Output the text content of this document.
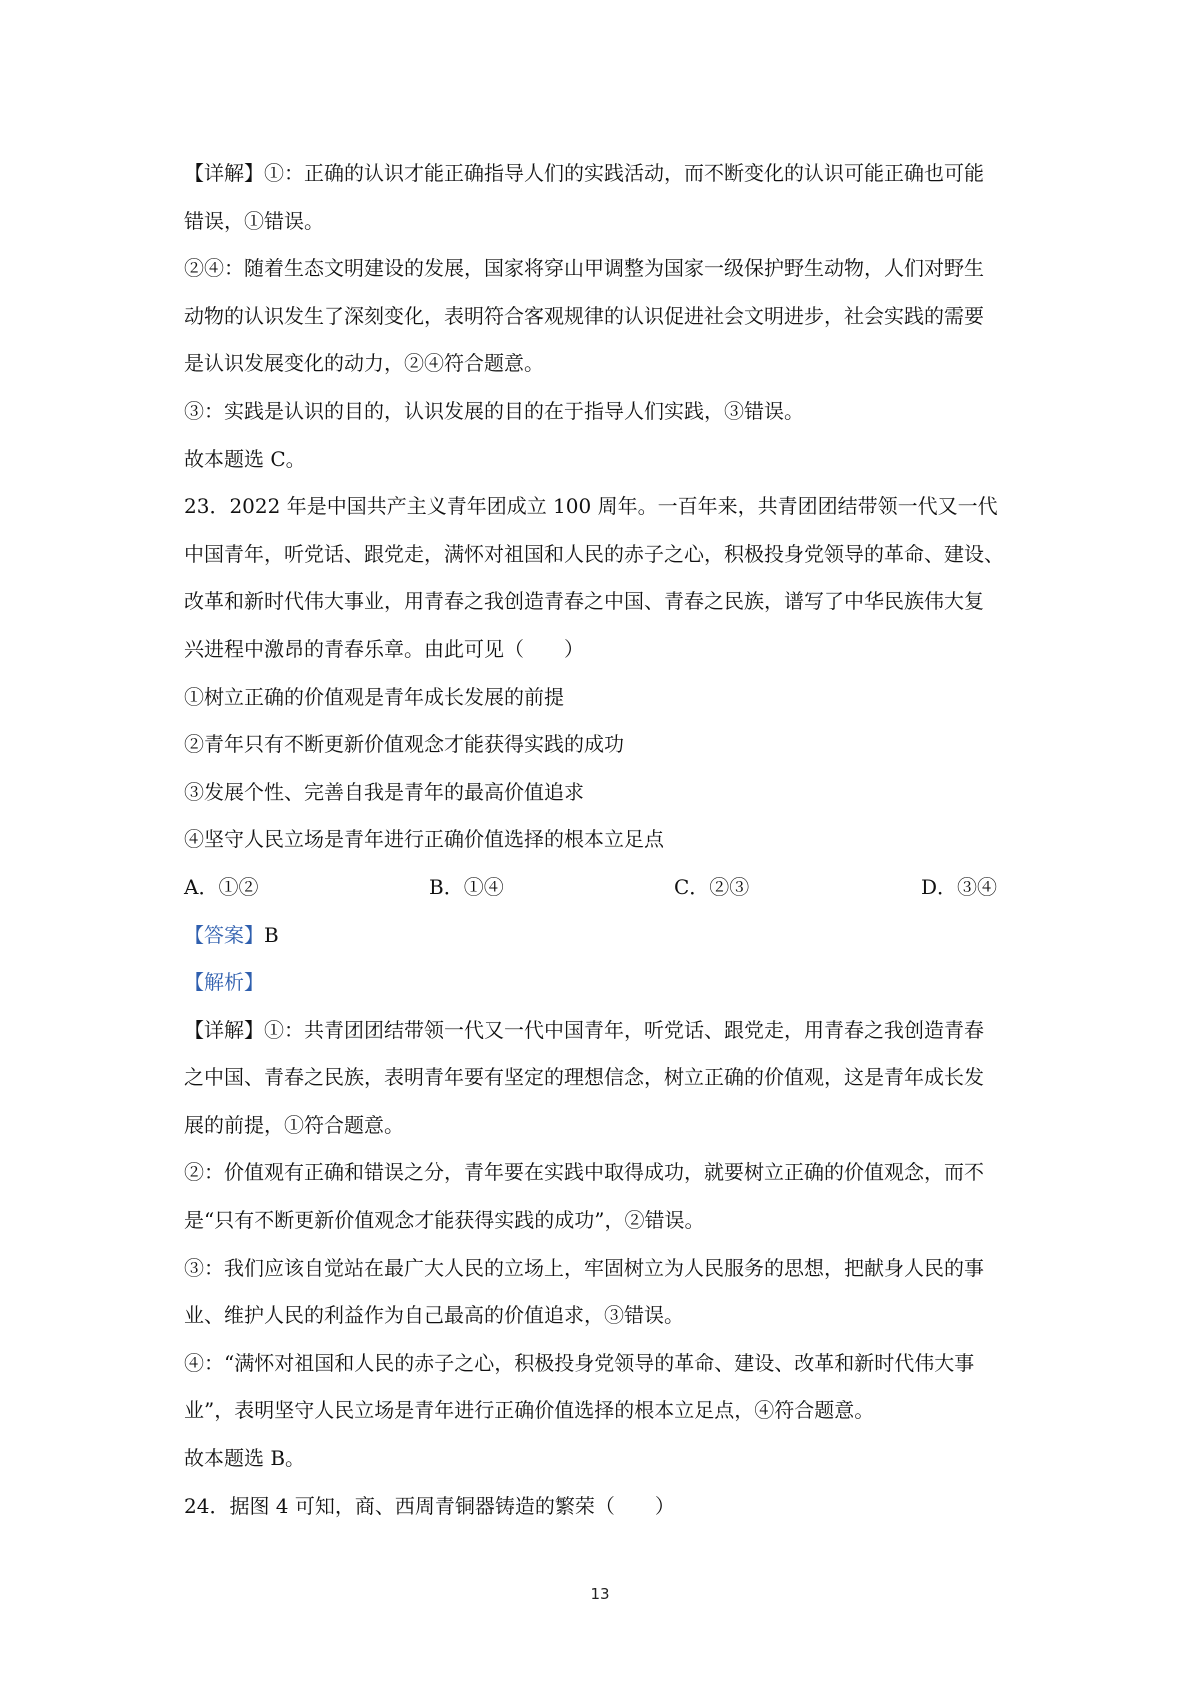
【详解】①：正确的认识才能正确指导人们的实践活动，而不断变化的认识可能正确也可能
错误，①错误。
②④：随着生态文明建设的发展，国家将穿山甲调整为国家一级保护野生动物，人们对野生
动物的认识发生了深刻变化，表明符合客观规律的认识促进社会文明进步，社会实践的需要
是认识发展变化的动力，②④符合题意。
③：实践是认识的目的，认识发展的目的在于指导人们实践，③错误。
故本题选 C。
23．2022 年是中国共产主义青年团成立 100 周年。一百年来，共青团团结带领一代又一代
中国青年，听党话、跟党走，满怀对祖国和人民的赤子之心，积极投身党领导的革命、建设、
改革和新时代伟大事业，用青春之我创造青春之中国、青春之民族，谱写了中华民族伟大复
兴进程中激昂的青春乐章。由此可见（　　）
①树立正确的价值观是青年成长发展的前提
②青年只有不断更新价值观念才能获得实践的成功
③发展个性、完善自我是青年的最高价值追求
④坚守人民立场是青年进行正确价值选择的根本立足点
A．①②	B．①④	C．②③	D．③④
【答案】B
【解析】
【详解】①：共青团团结带领一代又一代中国青年，听党话、跟党走，用青春之我创造青春
之中国、青春之民族，表明青年要有坚定的理想信念，树立正确的价值观，这是青年成长发
展的前提，①符合题意。
②：价值观有正确和错误之分，青年要在实践中取得成功，就要树立正确的价值观念，而不
是“只有不断更新价值观念才能获得实践的成功”，②错误。
③：我们应该自觉站在最广大人民的立场上，牢固树立为人民服务的思想，把献身人民的事
业、维护人民的利益作为自己最高的价值追求，③错误。
④：“满怀对祖国和人民的赤子之心，积极投身党领导的革命、建设、改革和新时代伟大事
业”，表明坚守人民立场是青年进行正确价值选择的根本立足点，④符合题意。
故本题选 B。
24．据图 4 可知，商、西周青铜器铸造的繁荣（　　）
13
